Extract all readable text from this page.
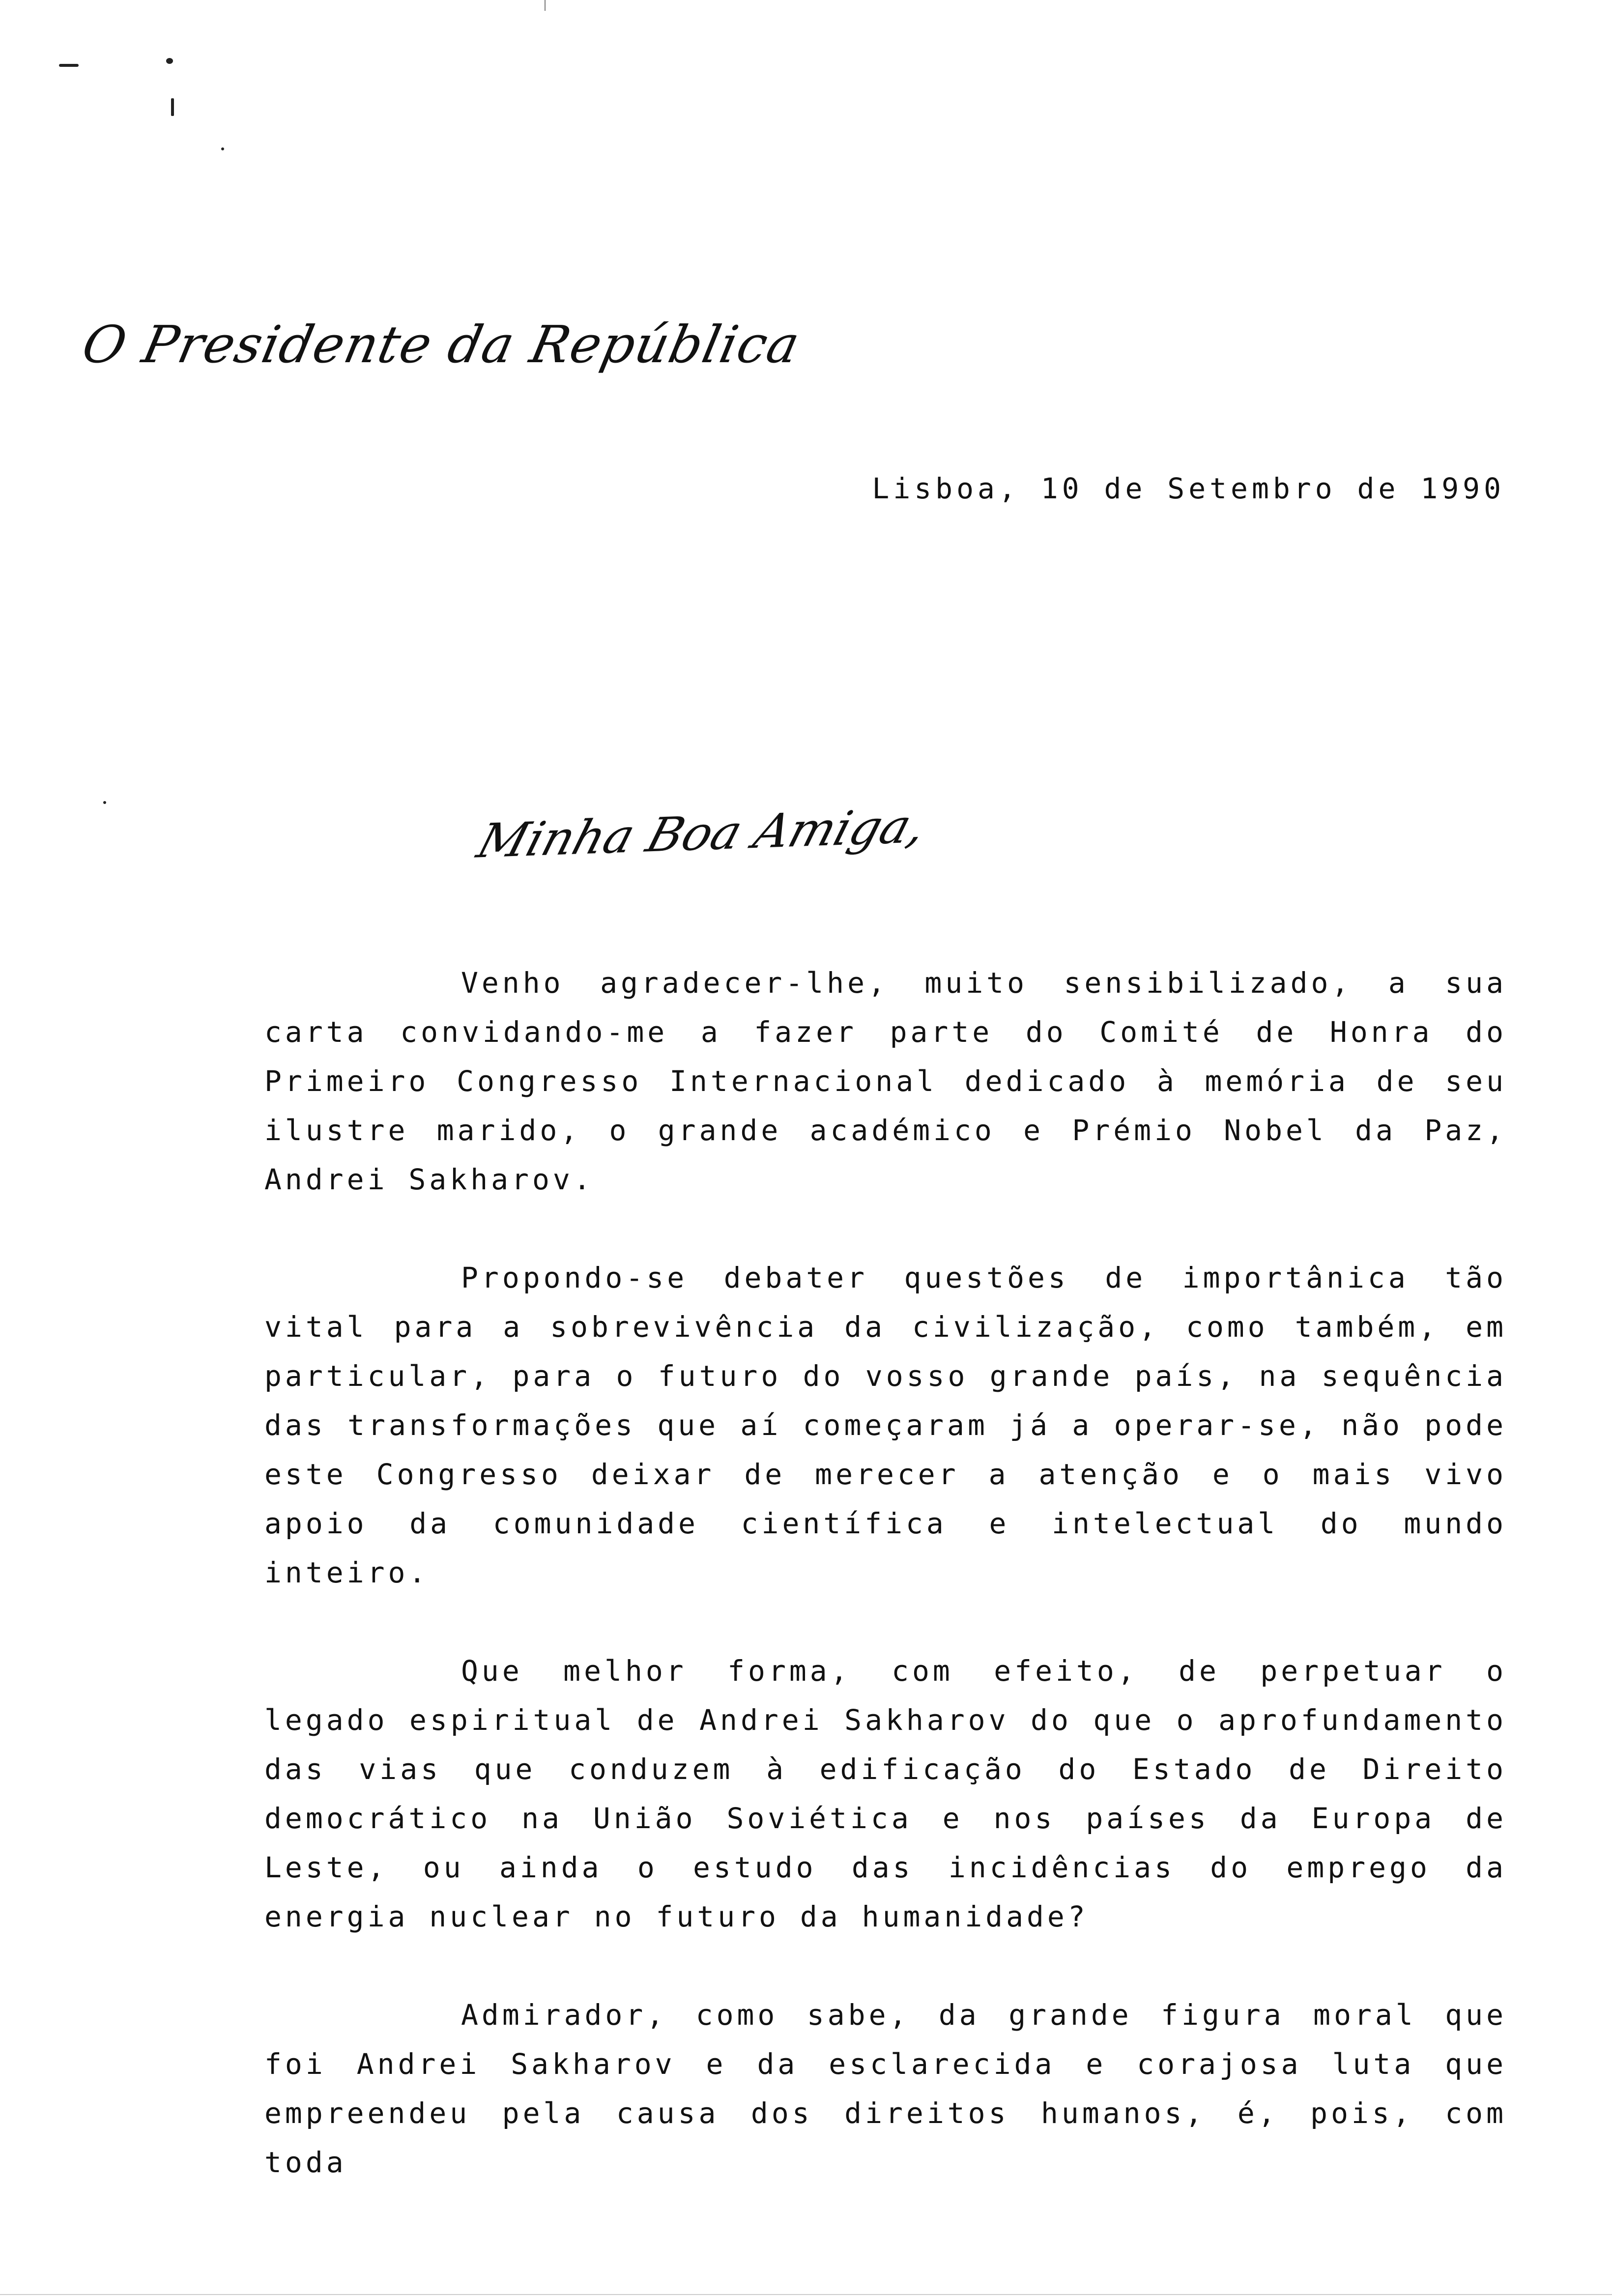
O Presidente da República
Lisboa, 10 de Setembro de 1990
Minha Boa Amiga,

Venho agradecer-lhe, muito sensibilizado, a sua carta convidando-me a fazer parte do Comité de Honra do Primeiro Congresso Internacional dedicado à memória de seu ilustre marido, o grande académico e Prémio Nobel da Paz, Andrei Sakharov.

Propondo-se debater questões de importânica tão vital para a sobrevivência da civilização, como também, em particular, para o futuro do vosso grande país, na sequência das transformações que aí começaram já a operar-se, não pode este Congresso deixar de merecer a atenção e o mais vivo apoio da comunidade científica e intelectual do mundo inteiro.

Que melhor forma, com efeito, de perpetuar o legado espiritual de Andrei Sakharov do que o aprofundamento das vias que conduzem à edificação do Estado de Direito democrático na União Soviética e nos países da Europa de Leste, ou ainda o estudo das incidências do emprego da energia nuclear no futuro da humanidade?

Admirador, como sabe, da grande figura moral que foi Andrei Sakharov e da esclarecida e corajosa luta que empreendeu pela causa dos direitos humanos, é, pois, com toda
